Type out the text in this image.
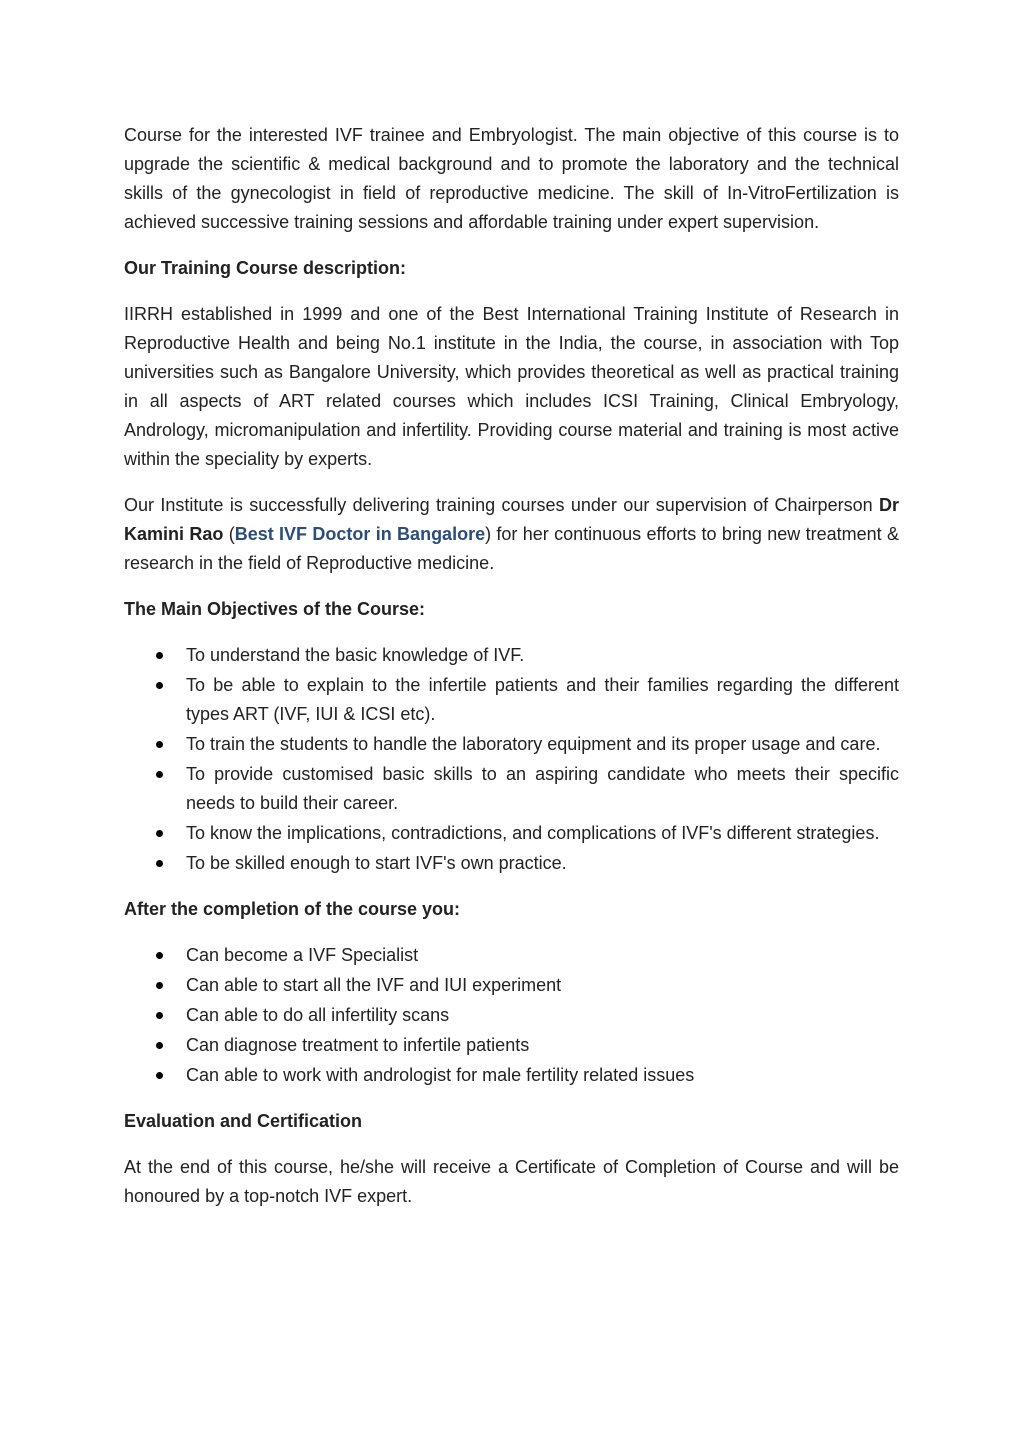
Course for the interested IVF trainee and Embryologist. The main objective of this course is to upgrade the scientific & medical background and to promote the laboratory and the technical skills of the gynecologist in field of reproductive medicine. The skill of In-VitroFertilization is achieved successive training sessions and affordable training under expert supervision.

Our Training Course description:

IIRRH established in 1999 and one of the Best International Training Institute of Research in Reproductive Health and being No.1 institute in the India, the course, in association with Top universities such as Bangalore University, which provides theoretical as well as practical training in all aspects of ART related courses which includes ICSI Training, Clinical Embryology, Andrology, micromanipulation and infertility. Providing course material and training is most active within the speciality by experts.

Our Institute is successfully delivering training courses under our supervision of Chairperson Dr Kamini Rao (Best IVF Doctor in Bangalore) for her continuous efforts to bring new treatment & research in the field of Reproductive medicine.

The Main Objectives of the Course:

To understand the basic knowledge of IVF.
To be able to explain to the infertile patients and their families regarding the different types ART (IVF, IUI & ICSI etc).
To train the students to handle the laboratory equipment and its proper usage and care.
To provide customised basic skills to an aspiring candidate who meets their specific needs to build their career.
To know the implications, contradictions, and complications of IVF's different strategies.
To be skilled enough to start IVF's own practice.

After the completion of the course you:

Can become a IVF Specialist
Can able to start all the IVF and IUI experiment
Can able to do all infertility scans
Can diagnose treatment to infertile patients
Can able to work with andrologist for male fertility related issues

Evaluation and Certification

At the end of this course, he/she will receive a Certificate of Completion of Course and will be honoured by a top-notch IVF expert.
